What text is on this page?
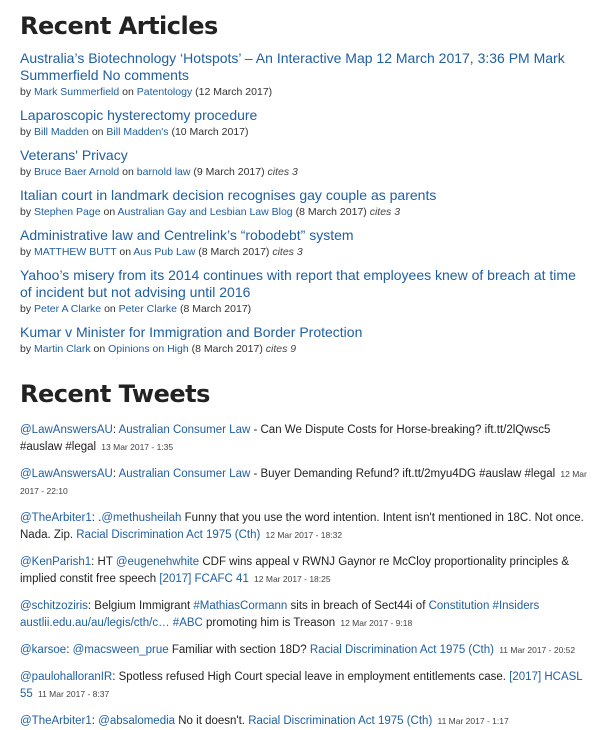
Recent Articles
Australia’s Biotechnology ‘Hotspots’ – An Interactive Map 12 March 2017, 3:36 PM Mark Summerfield No comments
by Mark Summerfield on Patentology (12 March 2017)
Laparoscopic hysterectomy procedure
by Bill Madden on Bill Madden's (10 March 2017)
Veterans' Privacy
by Bruce Baer Arnold on barnold law (9 March 2017) cites 3
Italian court in landmark decision recognises gay couple as parents
by Stephen Page on Australian Gay and Lesbian Law Blog (8 March 2017) cites 3
Administrative law and Centrelink’s “robodebt” system
by MATTHEW BUTT on Aus Pub Law (8 March 2017) cites 3
Yahoo’s misery from its 2014 continues with report that employees knew of breach at time of incident but not advising until 2016
by Peter A Clarke on Peter Clarke (8 March 2017)
Kumar v Minister for Immigration and Border Protection
by Martin Clark on Opinions on High (8 March 2017) cites 9
Recent Tweets
@LawAnswersAU: Australian Consumer Law - Can We Dispute Costs for Horse-breaking? ift.tt/2lQwsc5 #auslaw #legal 13 Mar 2017 - 1:35
@LawAnswersAU: Australian Consumer Law - Buyer Demanding Refund? ift.tt/2myu4DG #auslaw #legal 12 Mar 2017 - 22:10
@TheArbiter1: .@methusheilah Funny that you use the word intention. Intent isn't mentioned in 18C. Not once. Nada. Zip. Racial Discrimination Act 1975 (Cth) 12 Mar 2017 - 18:32
@KenParish1: HT @eugenehwhite CDF wins appeal v RWNJ Gaynor re McCloy proportionality principles & implied constit free speech [2017] FCAFC 41 12 Mar 2017 - 18:25
@schitzoziris: Belgium Immigrant #MathiasCormann sits in breach of Sect44i of Constitution #Insiders austlii.edu.au/au/legis/cth/c… #ABC promoting him is Treason 12 Mar 2017 - 9:18
@karsoe: @macsween_prue Familiar with section 18D? Racial Discrimination Act 1975 (Cth) 11 Mar 2017 - 20:52
@paulohalloranIR: Spotless refused High Court special leave in employment entitlements case. [2017] HCASL 55 11 Mar 2017 - 8:37
@TheArbiter1: @absalomedia No it doesn't. Racial Discrimination Act 1975 (Cth) 11 Mar 2017 - 1:17
